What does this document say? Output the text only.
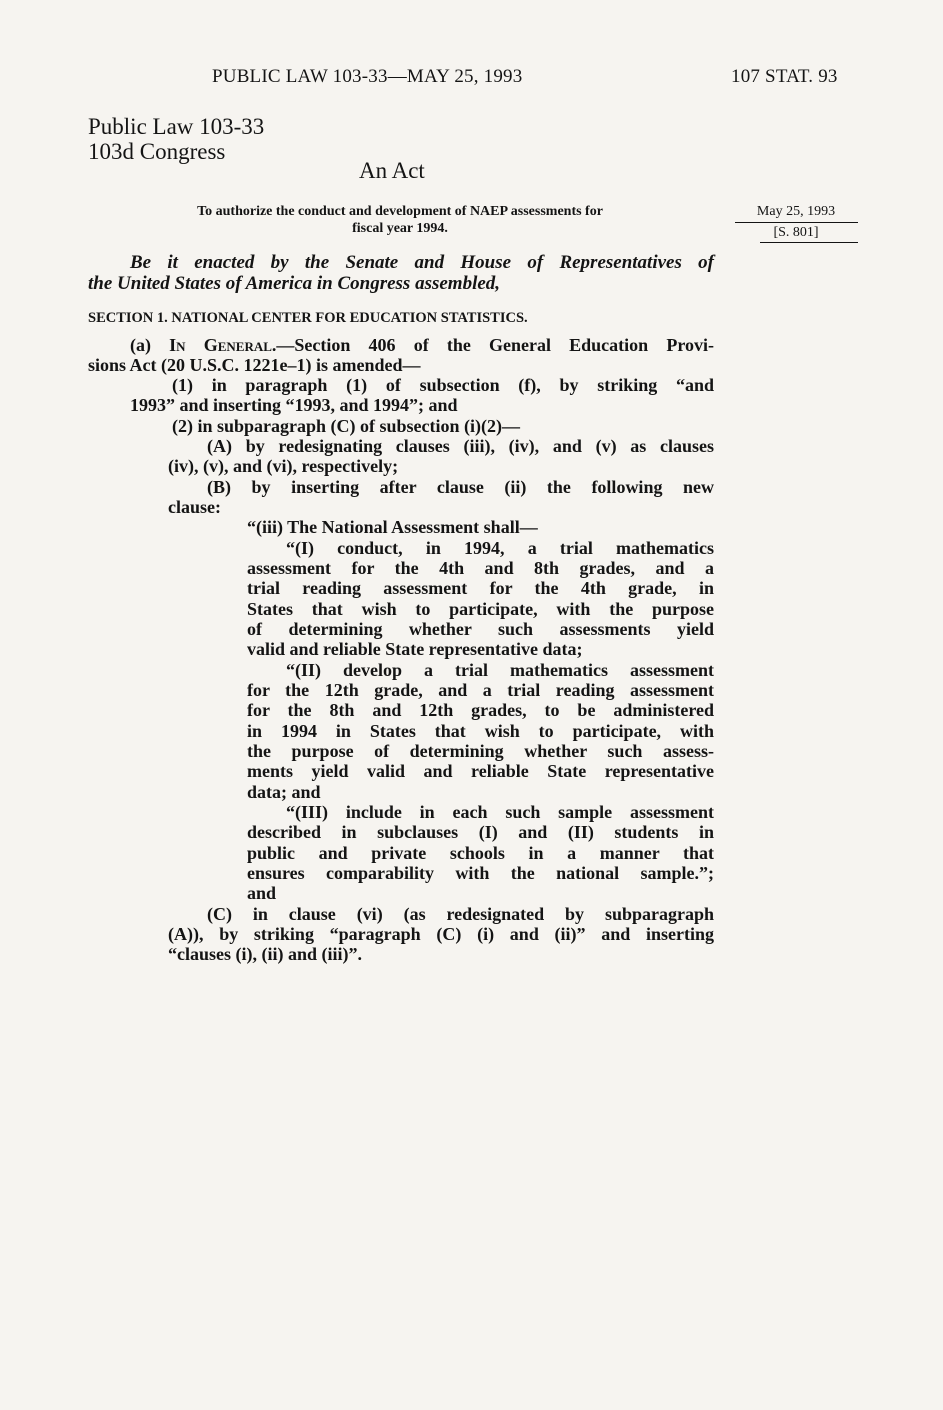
PUBLIC LAW 103-33—MAY 25, 1993	107 STAT. 93
Public Law 103-33
103d Congress
An Act
To authorize the conduct and development of NAEP assessments for
fiscal year 1994.
May 25, 1993
[S. 801]
Be it enacted by the Senate and House of Representatives of
the United States of America in Congress assembled,
SECTION 1. NATIONAL CENTER FOR EDUCATION STATISTICS.
(a) In General.—Section 406 of the General Education Provi-
sions Act (20 U.S.C. 1221e–1) is amended—
(1) in paragraph (1) of subsection (f), by striking “and
1993” and inserting “1993, and 1994”; and
(2) in subparagraph (C) of subsection (i)(2)—
(A) by redesignating clauses (iii), (iv), and (v) as clauses
(iv), (v), and (vi), respectively;
(B) by inserting after clause (ii) the following new
clause:
“(iii) The National Assessment shall—
“(I) conduct, in 1994, a trial mathematics
assessment for the 4th and 8th grades, and a
trial reading assessment for the 4th grade, in
States that wish to participate, with the purpose
of determining whether such assessments yield
valid and reliable State representative data;
“(II) develop a trial mathematics assessment
for the 12th grade, and a trial reading assessment
for the 8th and 12th grades, to be administered
in 1994 in States that wish to participate, with
the purpose of determining whether such assess-
ments yield valid and reliable State representative
data; and
“(III) include in each such sample assessment
described in subclauses (I) and (II) students in
public and private schools in a manner that
ensures comparability with the national sample.”;
and
(C) in clause (vi) (as redesignated by subparagraph
(A)), by striking “paragraph (C) (i) and (ii)” and inserting
“clauses (i), (ii) and (iii)”.
